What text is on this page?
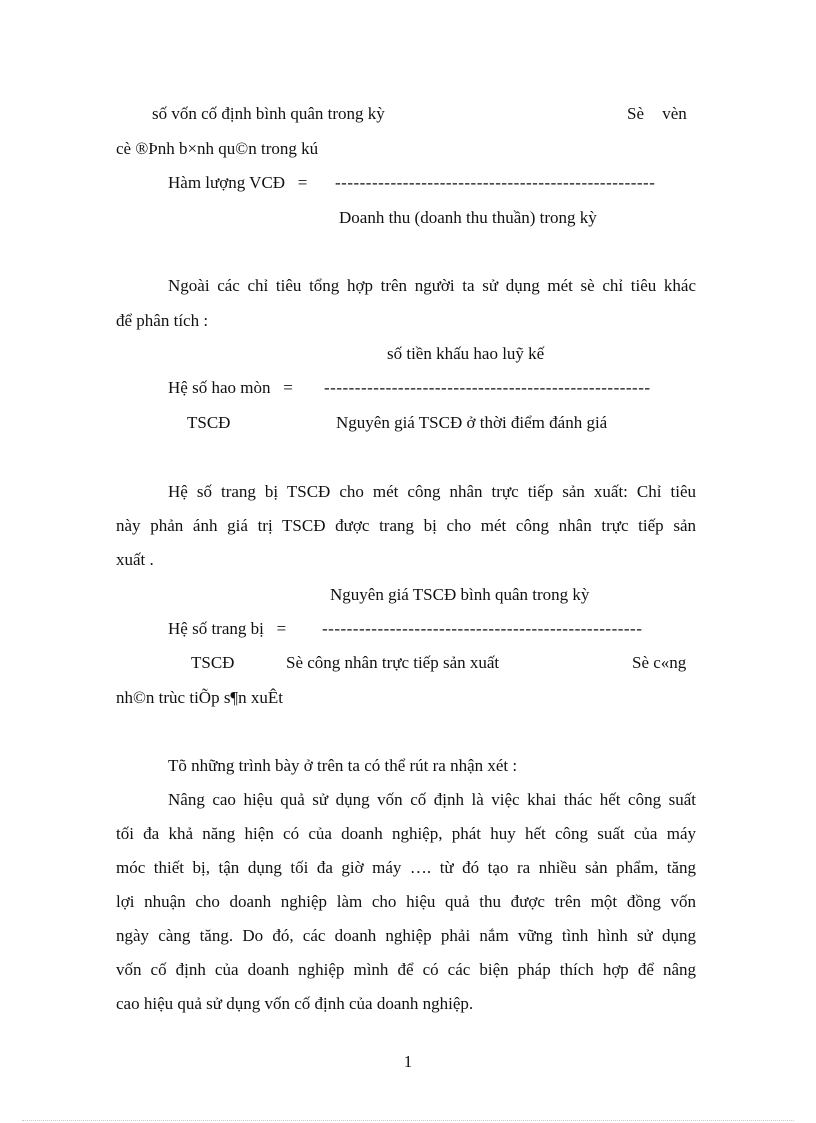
số vốn cố định bình quân trong kỳ	Sè vèn
cè ®Þnh b×nh qu©n trong kú
Hàm lượng VCĐ   = ----------------------------------------------------
Doanh thu (doanh thu thuần) trong kỳ
Ngoài các chỉ tiêu tổng hợp trên người ta sử dụng mét sè chỉ tiêu khác
để phân tích :
số tiền khấu hao luỹ kế
Hệ số hao mòn   = -----------------------------------------------------
TSCĐ	Nguyên giá TSCĐ ở thời điểm đánh giá
Hệ số trang bị TSCĐ cho mét công nhân trực tiếp sản xuất: Chỉ tiêu
này phản ánh giá trị TSCĐ được trang bị cho mét công nhân trực tiếp sản
xuất .
Nguyên giá TSCĐ bình quân trong kỳ
Hệ số trang bị   = ----------------------------------------------------
TSCĐ	Sè công nhân trực tiếp sản xuất	Sè c«ng
nh©n trùc tiÕp s¶n xuÊt
Tõ những trình bày ở trên ta có thể rút ra nhận xét :
Nâng cao hiệu quả sử dụng vốn cố định là việc khai thác hết công suất
tối đa khả năng hiện có của doanh nghiệp, phát huy hết công suất của máy
móc thiết bị, tận dụng tối đa giờ máy …. từ đó tạo ra nhiều sản phẩm, tăng
lợi nhuận cho doanh nghiệp làm cho hiệu quả thu được trên một đồng vốn
ngày càng tăng. Do đó, các doanh nghiệp phải nắm vững tình hình sử dụng
vốn cố định của doanh nghiệp mình để có các biện pháp thích hợp để nâng
cao hiệu quả sử dụng vốn cố định của doanh nghiệp.
1
